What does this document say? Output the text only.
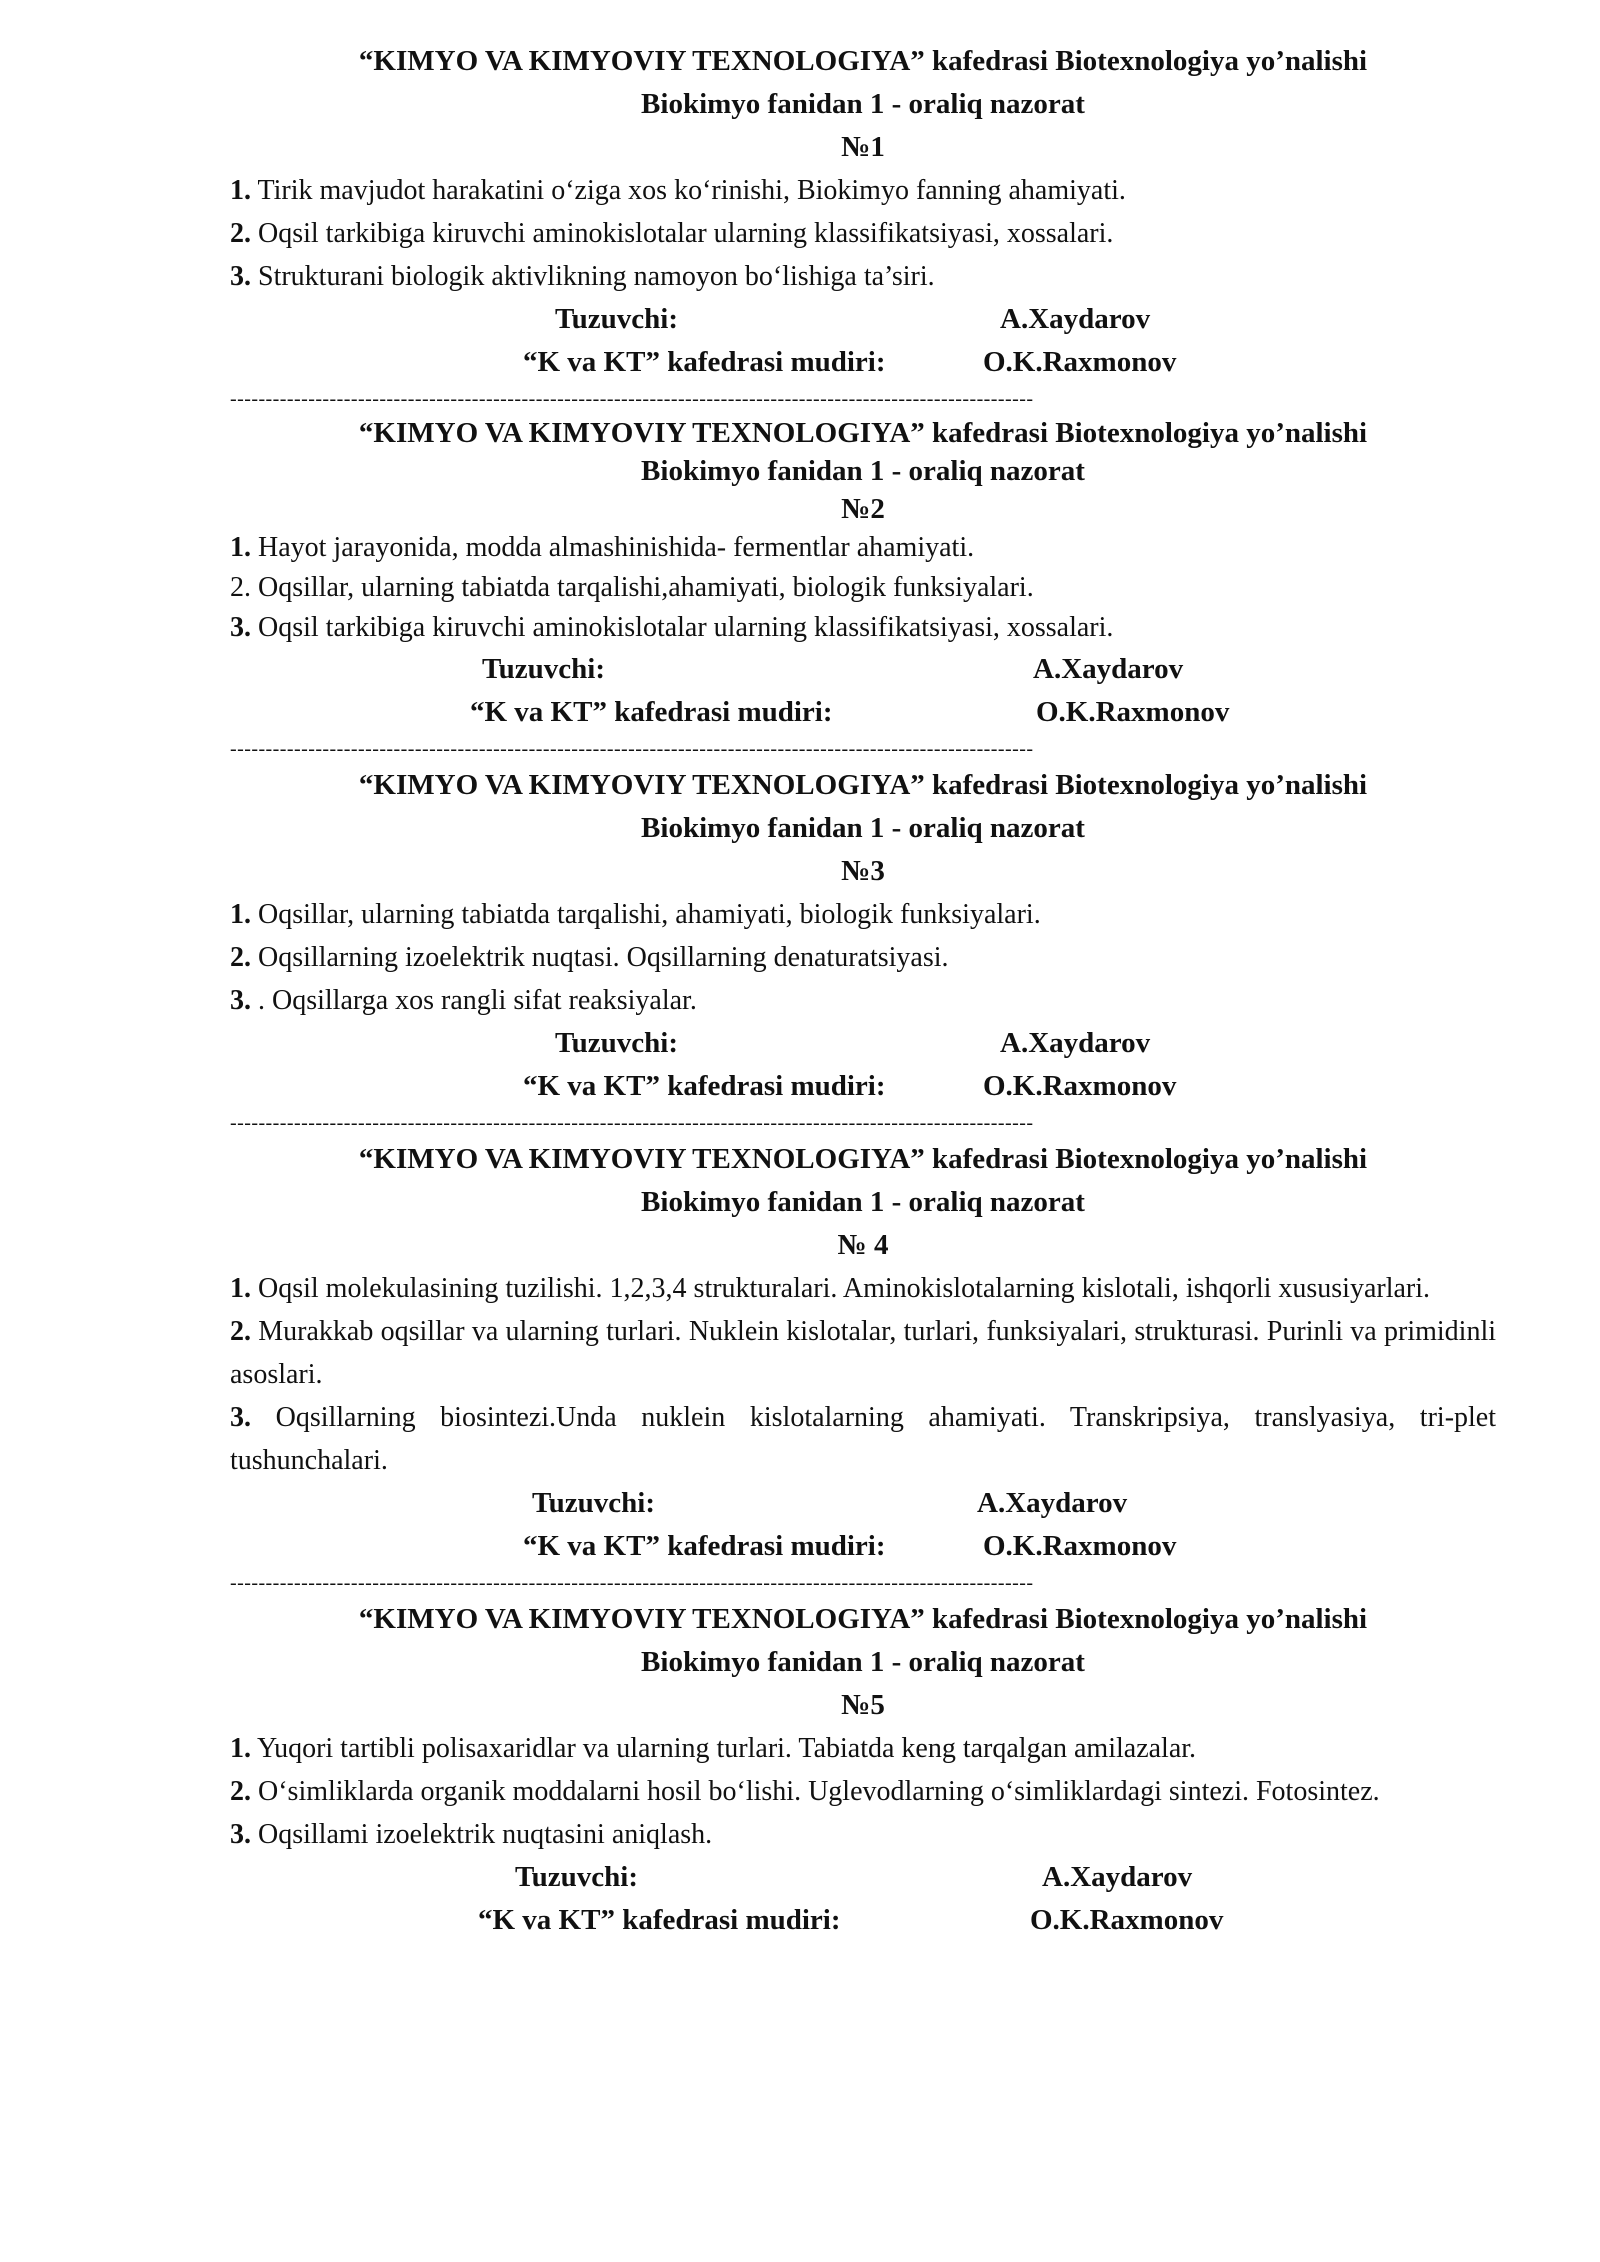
“KIMYO VA KIMYOVIY TEXNOLOGIYA” kafedrasi Biotexnologiya yo’nalishi
Biokimyo fanidan 1 - oraliq nazorat
№1
1. Tirik mavjudot harakatini o‘ziga xos ko‘rinishi, Biokimyo fanning ahamiyati.
2. Oqsil tarkibiga kiruvchi aminokislotalar ularning klassifikatsiyasi, xossalari.
3. Strukturani biologik aktivlikning namoyon bo‘lishiga ta’siri.
Tuzuvchi:	A.Xaydarov
“K va KT” kafedrasi mudiri:	O.K.Raxmonov
-----------------------------------------------------------------------------------------------------------------
“KIMYO VA KIMYOVIY TEXNOLOGIYA” kafedrasi Biotexnologiya yo’nalishi
Biokimyo fanidan 1 - oraliq nazorat
№2
1. Hayot jarayonida, modda almashinishida- fermentlar ahamiyati.
2. Oqsillar, ularning tabiatda tarqalishi,ahamiyati, biologik funksiyalari.
3. Oqsil tarkibiga kiruvchi aminokislotalar ularning klassifikatsiyasi, xossalari.
Tuzuvchi:	A.Xaydarov
“K va KT” kafedrasi mudiri:	O.K.Raxmonov
-----------------------------------------------------------------------------------------------------------------
“KIMYO VA KIMYOVIY TEXNOLOGIYA” kafedrasi Biotexnologiya yo’nalishi
Biokimyo fanidan 1 - oraliq nazorat
№3
1. Oqsillar, ularning tabiatda tarqalishi, ahamiyati, biologik funksiyalari.
2. Oqsillarning izoelektrik nuqtasi. Oqsillarning denaturatsiyasi.
3. . Oqsillarga xos rangli sifat reaksiyalar.
Tuzuvchi:	A.Xaydarov
“K va KT” kafedrasi mudiri:	O.K.Raxmonov
-----------------------------------------------------------------------------------------------------------------
“KIMYO VA KIMYOVIY TEXNOLOGIYA” kafedrasi Biotexnologiya yo’nalishi
Biokimyo fanidan 1 - oraliq nazorat
№ 4
1. Oqsil molekulasining tuzilishi. 1,2,3,4 strukturalari. Aminokislotalarning kislotali, ishqorli xususiyarlari.
2. Murakkab oqsillar va ularning turlari. Nuklein kislotalar, turlari, funksiyalari, strukturasi. Purinli va primidinli asoslari.
3. Oqsillarning biosintezi.Unda nuklein kislotalarning ahamiyati. Transkripsiya, translyasiya, tri-plet tushunchalari.
Tuzuvchi:	A.Xaydarov
“K va KT” kafedrasi mudiri:	O.K.Raxmonov
-----------------------------------------------------------------------------------------------------------------
“KIMYO VA KIMYOVIY TEXNOLOGIYA” kafedrasi Biotexnologiya yo’nalishi
Biokimyo fanidan 1 - oraliq nazorat
№5
1. Yuqori tartibli polisaxaridlar va ularning turlari. Tabiatda keng tarqalgan amilazalar.
2. O‘simliklarda organik moddalarni hosil bo‘lishi. Uglevodlarning o‘simliklardagi sintezi. Fotosintez.
3. Oqsillami izoelektrik nuqtasini aniqlash.
Tuzuvchi:	A.Xaydarov
“K va KT” kafedrasi mudiri:	O.K.Raxmonov
